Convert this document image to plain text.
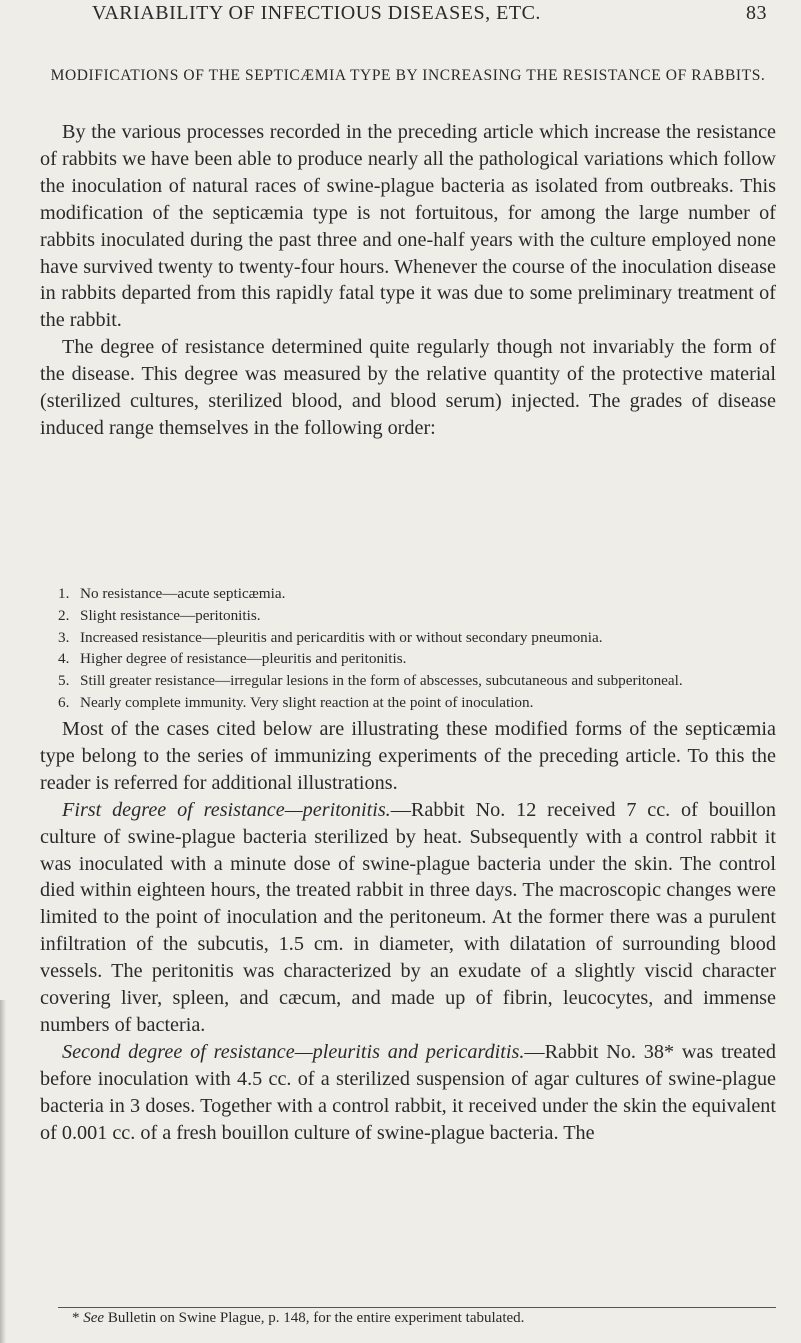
VARIABILITY OF INFECTIOUS DISEASES, ETC.	83
MODIFICATIONS OF THE SEPTICÆMIA TYPE BY INCREASING THE RESISTANCE OF RABBITS.

By the various processes recorded in the preceding article which increase the resistance of rabbits we have been able to produce nearly all the pathological variations which follow the inoculation of natural races of swine-plague bacteria as isolated from outbreaks. This modification of the septicæmia type is not fortuitous, for among the large number of rabbits inoculated during the past three and one-half years with the culture employed none have survived twenty to twenty-four hours. Whenever the course of the inoculation disease in rabbits departed from this rapidly fatal type it was due to some preliminary treatment of the rabbit.

The degree of resistance determined quite regularly though not invariably the form of the disease. This degree was measured by the relative quantity of the protective material (sterilized cultures, sterilized blood, and blood serum) injected. The grades of disease induced range themselves in the following order:

1. No resistance—acute septicæmia.
2. Slight resistance—peritonitis.
3. Increased resistance—pleuritis and pericarditis with or without secondary pneumonia.
4. Higher degree of resistance—pleuritis and peritonitis.
5. Still greater resistance—irregular lesions in the form of abscesses, subcutaneous and subperitoneal.
6. Nearly complete immunity. Very slight reaction at the point of inoculation.

Most of the cases cited below are illustrating these modified forms of the septicæmia type belong to the series of immunizing experiments of the preceding article. To this the reader is referred for additional illustrations.

First degree of resistance—peritonitis.—Rabbit No. 12 received 7 cc. of bouillon culture of swine-plague bacteria sterilized by heat. Subsequently with a control rabbit it was inoculated with a minute dose of swine-plague bacteria under the skin. The control died within eighteen hours, the treated rabbit in three days. The macroscopic changes were limited to the point of inoculation and the peritoneum. At the former there was a purulent infiltration of the subcutis, 1.5 cm. in diameter, with dilatation of surrounding blood vessels. The peritonitis was characterized by an exudate of a slightly viscid character covering liver, spleen, and cæcum, and made up of fibrin, leucocytes, and immense numbers of bacteria.

Second degree of resistance—pleuritis and pericarditis.—Rabbit No. 38* was treated before inoculation with 4.5 cc. of a sterilized suspension of agar cultures of swine-plague bacteria in 3 doses. Together with a control rabbit, it received under the skin the equivalent of 0.001 cc. of a fresh bouillon culture of swine-plague bacteria. The

* See Bulletin on Swine Plague, p. 148, for the entire experiment tabulated.
